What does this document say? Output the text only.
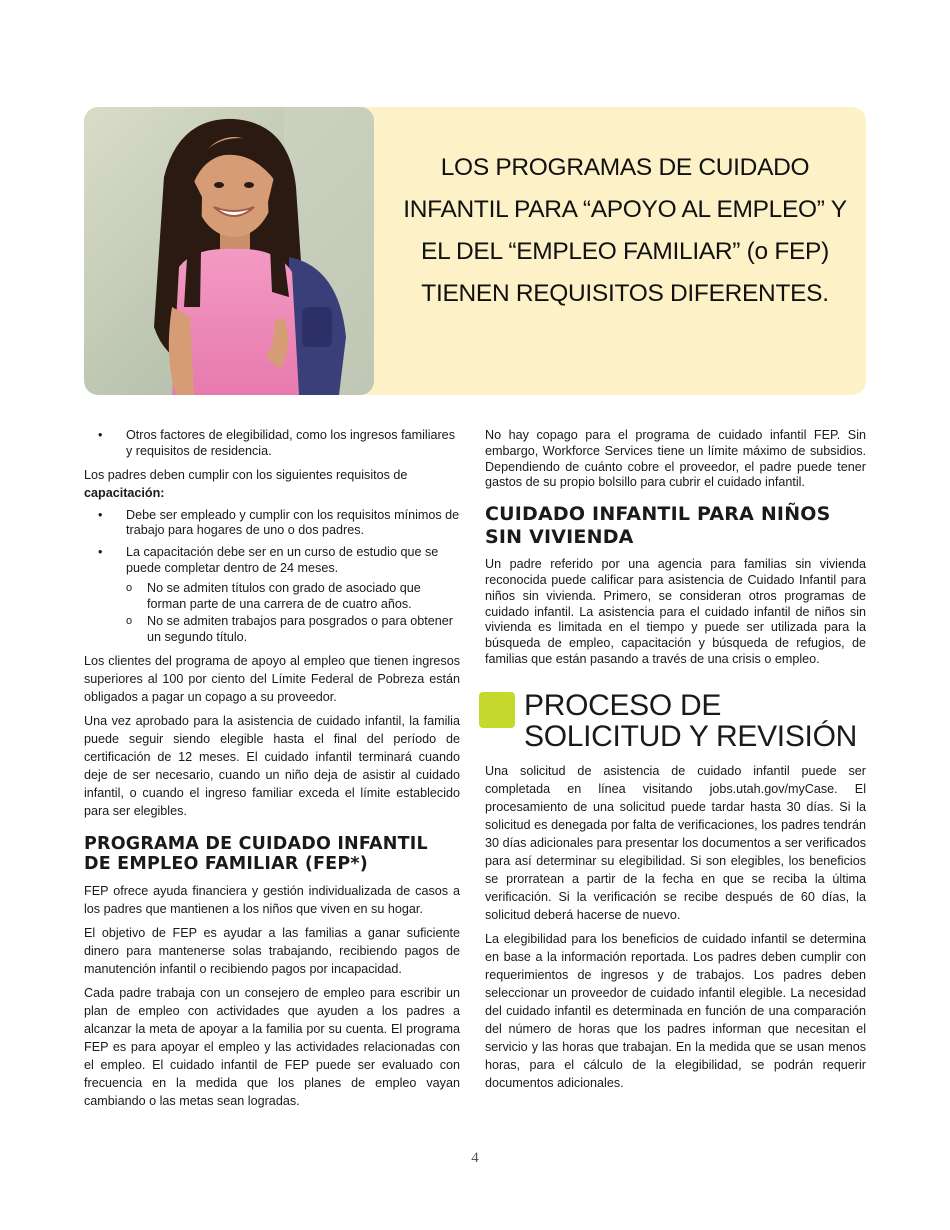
LOS PROGRAMAS DE CUIDADO INFANTIL PARA “APOYO AL EMPLEO” Y EL DEL “EMPLEO FAMILIAR” (o FEP) TIENEN REQUISITOS DIFERENTES.
• Otros factores de elegibilidad, como los ingresos familiares y requisitos de residencia.

Los padres deben cumplir con los siguientes requisitos de capacitación:

• Debe ser empleado y cumplir con los requisitos mínimos de trabajo para hogares de uno o dos padres.
• La capacitación debe ser en un curso de estudio que se puede completar dentro de 24 meses.
o No se admiten títulos con grado de asociado que forman parte de una carrera de de cuatro años.
o No se admiten trabajos para posgrados o para obtener un segundo título.

Los clientes del programa de apoyo al empleo que tienen ingresos superiores al 100 por ciento del Límite Federal de Pobreza están obligados a pagar un copago a su proveedor.

Una vez aprobado para la asistencia de cuidado infantil, la familia puede seguir siendo elegible hasta el final del período de certificación de 12 meses. El cuidado infantil terminará cuando deje de ser necesario, cuando un niño deja de asistir al cuidado infantil, o cuando el ingreso familiar exceda el límite establecido para ser elegibles.

PROGRAMA DE CUIDADO INFANTIL DE EMPLEO FAMILIAR (FEP*)

FEP ofrece ayuda financiera y gestión individualizada de casos a los padres que mantienen a los niños que viven en su hogar.

El objetivo de FEP es ayudar a las familias a ganar suficiente dinero para mantenerse solas trabajando, recibiendo pagos de manutención infantil o recibiendo pagos por incapacidad.

Cada padre trabaja con un consejero de empleo para escribir un plan de empleo con actividades que ayuden a los padres a alcanzar la meta de apoyar a la familia por su cuenta. El programa FEP es para apoyar el empleo y las actividades relacionadas con el empleo. El cuidado infantil de FEP puede ser evaluado con frecuencia en la medida que los planes de empleo vayan cambiando o las metas sean logradas.

No hay copago para el programa de cuidado infantil FEP. Sin embargo, Workforce Services tiene un límite máximo de subsidios. Dependiendo de cuánto cobre el proveedor, el padre puede tener gastos de su propio bolsillo para cubrir el cuidado infantil.

CUIDADO INFANTIL PARA NIÑOS SIN VIVIENDA

Un padre referido por una agencia para familias sin vivienda reconocida puede calificar para asistencia de Cuidado Infantil para niños sin vivienda. Primero, se consideran otros programas de cuidado infantil. La asistencia para el cuidado infantil de niños sin vivienda es limitada en el tiempo y puede ser utilizada para la búsqueda de empleo, capacitación y búsqueda de refugios, de familias que están pasando a través de una crisis o empleo.

PROCESO DE SOLICITUD Y REVISIÓN

Una solicitud de asistencia de cuidado infantil puede ser completada en línea visitando jobs.utah.gov/myCase. El procesamiento de una solicitud puede tardar hasta 30 días. Si la solicitud es denegada por falta de verificaciones, los padres tendrán 30 días adicionales para presentar los documentos a ser verificados para así determinar su elegibilidad. Si son elegibles, los beneficios se prorratean a partir de la fecha en que se reciba la última verificación. Si la verificación se recibe después de 60 días, la solicitud deberá hacerse de nuevo.

La elegibilidad para los beneficios de cuidado infantil se determina en base a la información reportada. Los padres deben cumplir con requerimientos de ingresos y de trabajos. Los padres deben seleccionar un proveedor de cuidado infantil elegible. La necesidad del cuidado infantil es determinada en función de una comparación del número de horas que los padres informan que necesitan el servicio y las horas que trabajan. En la medida que se usan menos horas, para el cálculo de la elegibilidad, se podrán requerir documentos adicionales.

4
